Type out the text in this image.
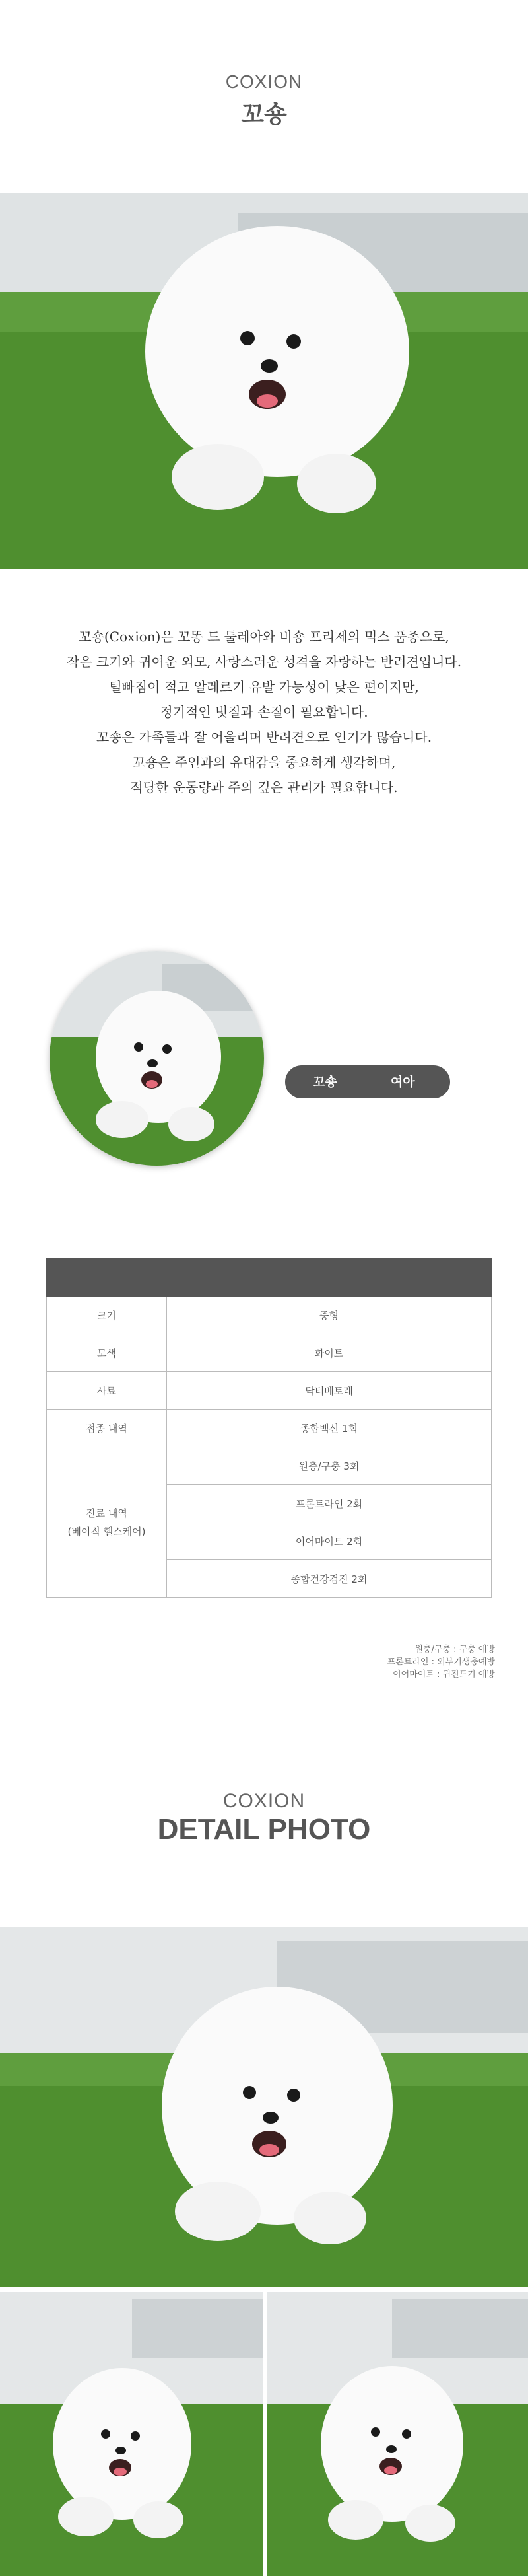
COXION
꼬숑

꼬숑(Coxion)은 꼬똥 드 툴레아와 비숑 프리제의 믹스 품종으로,

작은 크기와 귀여운 외모, 사랑스러운 성격을 자랑하는 반려견입니다.

털빠짐이 적고 알레르기 유발 가능성이 낮은 편이지만,

정기적인 빗질과 손질이 필요합니다.

꼬숑은 가족들과 잘 어울리며 반려견으로 인기가 많습니다.

꼬숑은 주인과의 유대감을 중요하게 생각하며,

적당한 운동량과 주의 깊은 관리가 필요합니다.

꼬숑	여아

크기	중형
모색	화이트
사료	닥터베토래
접종 내역	종합백신 1회

진료 내역
(베이직 헬스케어)	원충/구충 3회
	프론트라인 2회
	이어마이트 2회
	종합건강검진 2회
원충/구충 : 구충 예방
프론트라인 : 외부기생충예방
이어마이트 : 귀진드기 예방
COXION
DETAIL PHOTO
